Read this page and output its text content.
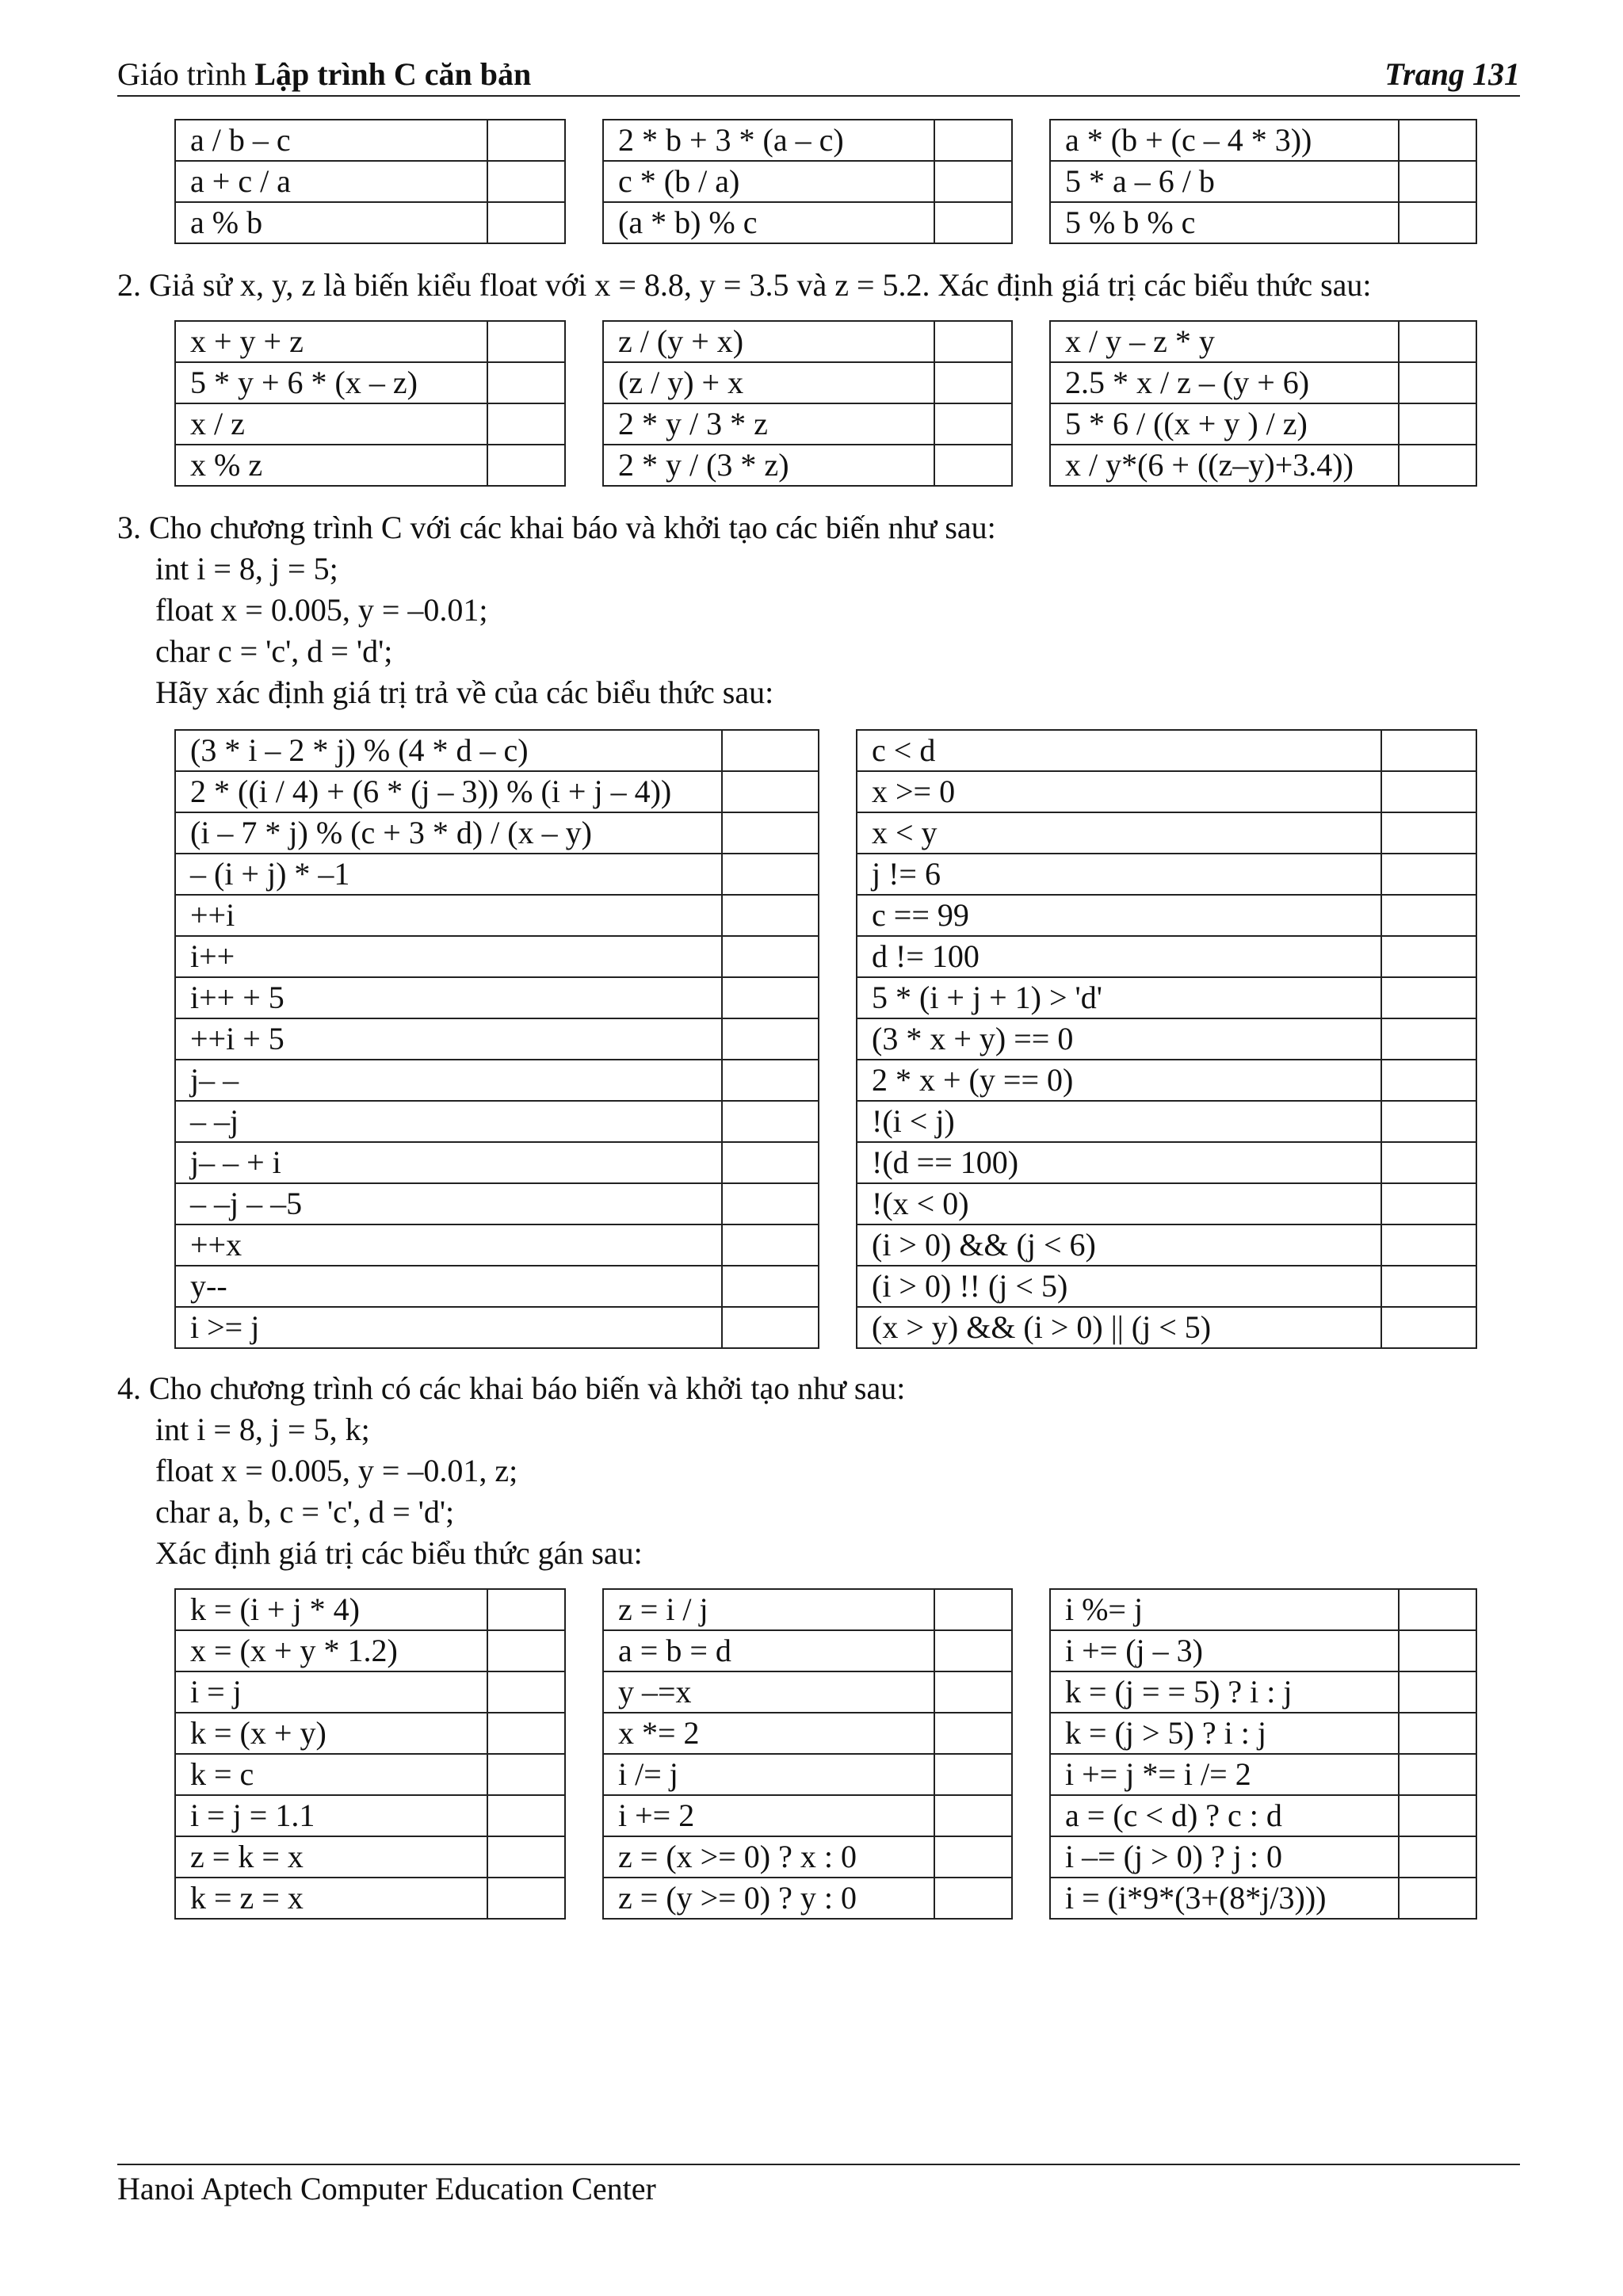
Giáo trình Lập trình C căn bản	Trang 131
a / b – c	
a + c / a	
a % b	
2 * b + 3 * (a – c)	
c * (b / a)	
(a * b) % c	
a * (b + (c – 4 * 3))	
5 * a – 6 / b	
5 % b % c	
2. Giả sử x, y, z là biến kiểu float với x = 8.8, y = 3.5 và z = 5.2. Xác định giá trị các biểu thức sau:
x + y + z	
5 * y + 6 * (x – z)	
x / z	
x % z	
z / (y + x)	
(z / y) + x	
2 * y / 3 * z	
2 * y / (3 * z)	
x / y – z * y	
2.5 * x / z – (y + 6)	
5 * 6 / ((x + y ) / z)	
x / y*(6 + ((z–y)+3.4))	
3. Cho chương trình C với các khai báo và khởi tạo các biến như sau:
int i = 8, j = 5;
float x = 0.005, y = –0.01;
char c = 'c', d = 'd';
Hãy xác định giá trị trả về của các biểu thức sau:
(3 * i – 2 * j) % (4 * d – c)	
2 * ((i / 4) + (6 * (j – 3)) % (i + j – 4))	
(i – 7 * j) % (c + 3 * d) / (x – y)	
– (i + j) * –1	
++i	
i++	
i++ + 5	
++i + 5	
j– –	
– –j	
j– – + i	
– –j – –5	
++x	
y--	
i >= j	
c < d	
x >= 0	
x < y	
j != 6	
c == 99	
d != 100	
5 * (i + j + 1) > 'd'	
(3 * x + y) == 0	
2 * x + (y == 0)	
!(i < j)	
!(d == 100)	
!(x < 0)	
(i > 0) && (j < 6)	
(i > 0) !! (j < 5)	
(x > y) && (i > 0) || (j < 5)	
4. Cho chương trình có các khai báo biến và khởi tạo như sau:
int i = 8, j = 5, k;
float x = 0.005, y = –0.01, z;
char a, b, c = 'c', d = 'd';
Xác định giá trị các biểu thức gán sau:
k = (i + j * 4)	
x = (x + y * 1.2)	
i = j	
k = (x + y)	
k = c	
i = j = 1.1	
z = k = x	
k = z = x	
z = i / j	
a = b = d	
y –=x	
x *= 2	
i /= j	
i += 2	
z = (x >= 0) ? x : 0	
z = (y >= 0) ? y : 0	
i %= j	
i += (j – 3)	
k = (j = = 5) ? i : j	
k = (j > 5) ? i : j	
i += j *= i /= 2	
a = (c < d) ? c : d	
i –= (j > 0) ? j : 0	
i = (i*9*(3+(8*j/3)))	
Hanoi Aptech Computer Education Center
